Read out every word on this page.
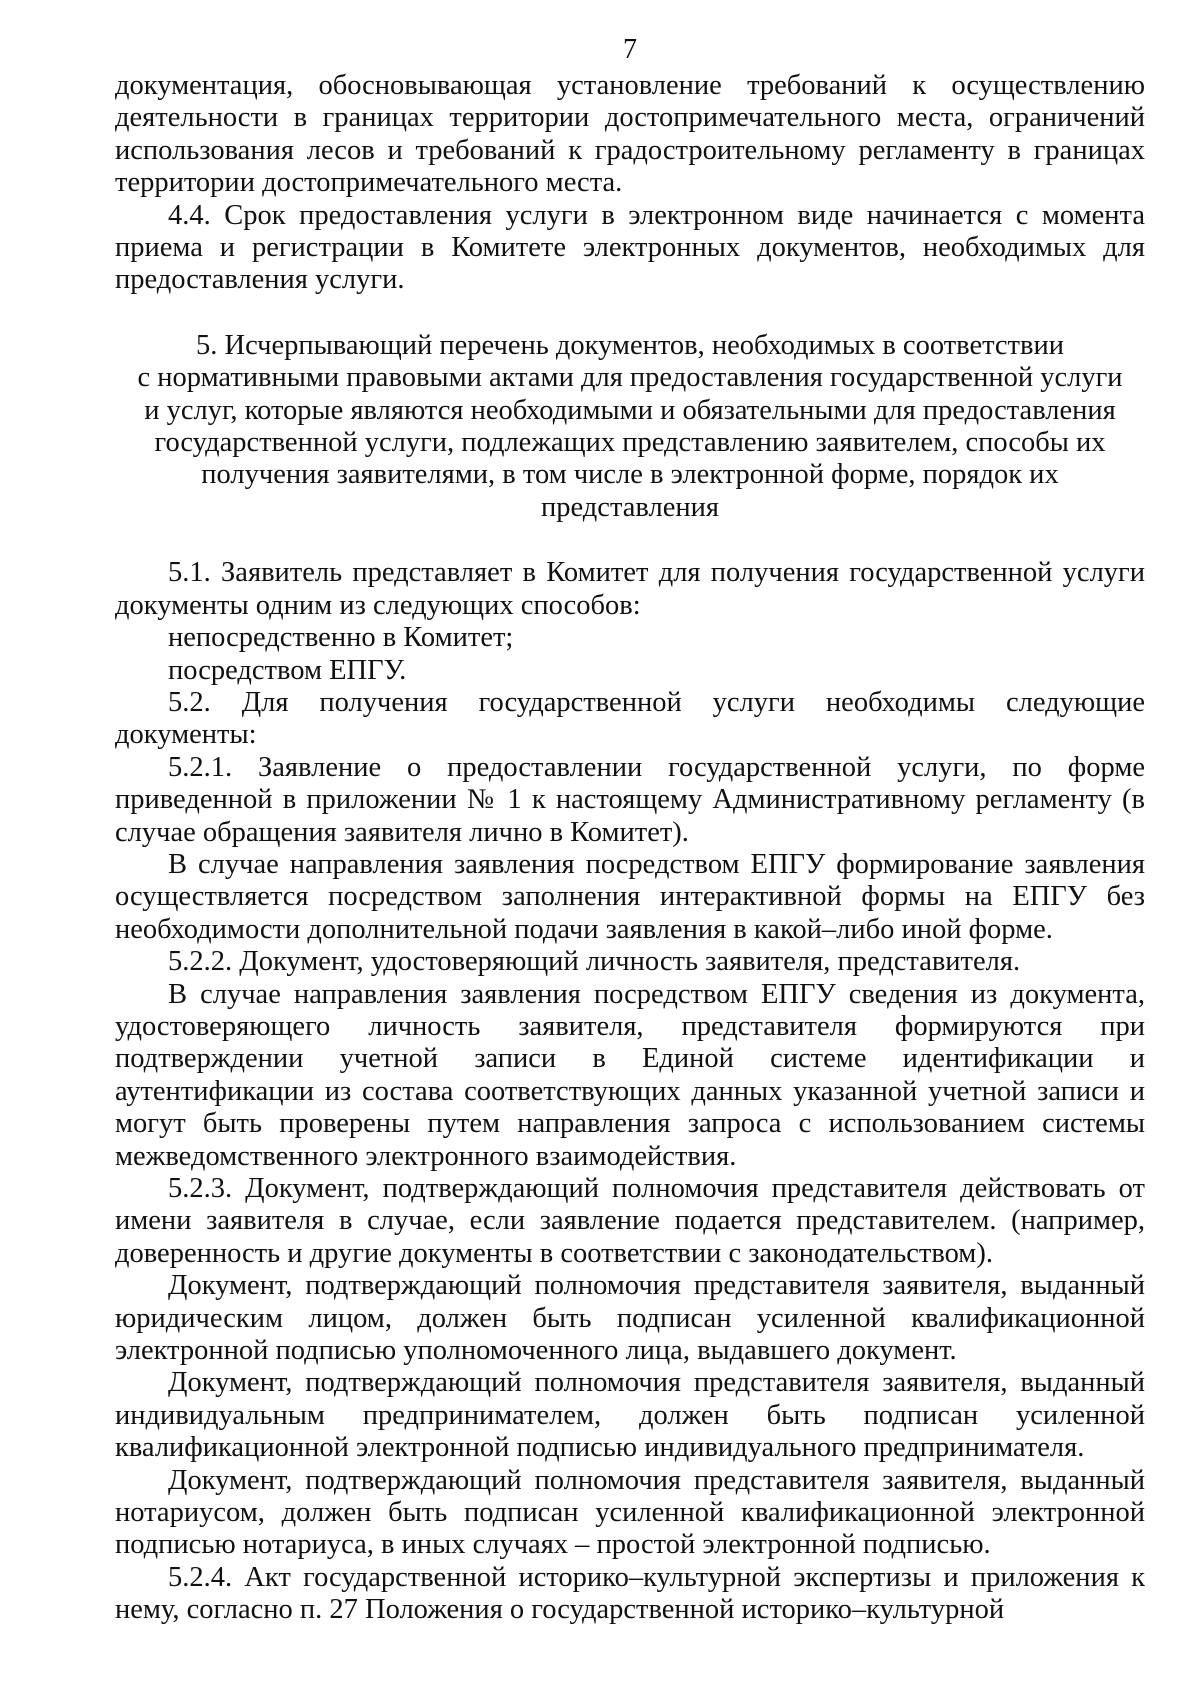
7

документация, обосновывающая установление требований к осуществлению деятельности в границах территории достопримечательного места, ограничений использования лесов и требований к градостроительному регламенту в границах территории достопримечательного места.

4.4. Срок предоставления услуги в электронном виде начинается с момента приема и регистрации в Комитете электронных документов, необходимых для предоставления услуги.

5. Исчерпывающий перечень документов, необходимых в соответствии
с нормативными правовыми актами для предоставления государственной услуги
и услуг, которые являются необходимыми и обязательными для предоставления
государственной услуги, подлежащих представлению заявителем, способы их
получения заявителями, в том числе в электронной форме, порядок их
представления

5.1. Заявитель представляет в Комитет для получения государственной услуги документы одним из следующих способов:

непосредственно в Комитет;

посредством ЕПГУ.

5.2. Для получения государственной услуги необходимы следующие документы:

5.2.1. Заявление о предоставлении государственной услуги, по форме приведенной в приложении № 1 к настоящему Административному регламенту (в случае обращения заявителя лично в Комитет).

В случае направления заявления посредством ЕПГУ формирование заявления осуществляется посредством заполнения интерактивной формы на ЕПГУ без необходимости дополнительной подачи заявления в какой–либо иной форме.

5.2.2. Документ, удостоверяющий личность заявителя, представителя.

В случае направления заявления посредством ЕПГУ сведения из документа, удостоверяющего личность заявителя, представителя формируются при подтверждении учетной записи в Единой системе идентификации и аутентификации из состава соответствующих данных указанной учетной записи и могут быть проверены путем направления запроса с использованием системы межведомственного электронного взаимодействия.

5.2.3. Документ, подтверждающий полномочия представителя действовать от имени заявителя в случае, если заявление подается представителем. (например, доверенность и другие документы в соответствии с законодательством).

Документ, подтверждающий полномочия представителя заявителя, выданный юридическим лицом, должен быть подписан усиленной квалификационной электронной подписью уполномоченного лица, выдавшего документ.

Документ, подтверждающий полномочия представителя заявителя, выданный индивидуальным предпринимателем, должен быть подписан усиленной квалификационной электронной подписью индивидуального предпринимателя.

Документ, подтверждающий полномочия представителя заявителя, выданный нотариусом, должен быть подписан усиленной квалификационной электронной подписью нотариуса, в иных случаях – простой электронной подписью.

5.2.4. Акт государственной историко–культурной экспертизы и приложения к нему, согласно п. 27 Положения о государственной историко–культурной
